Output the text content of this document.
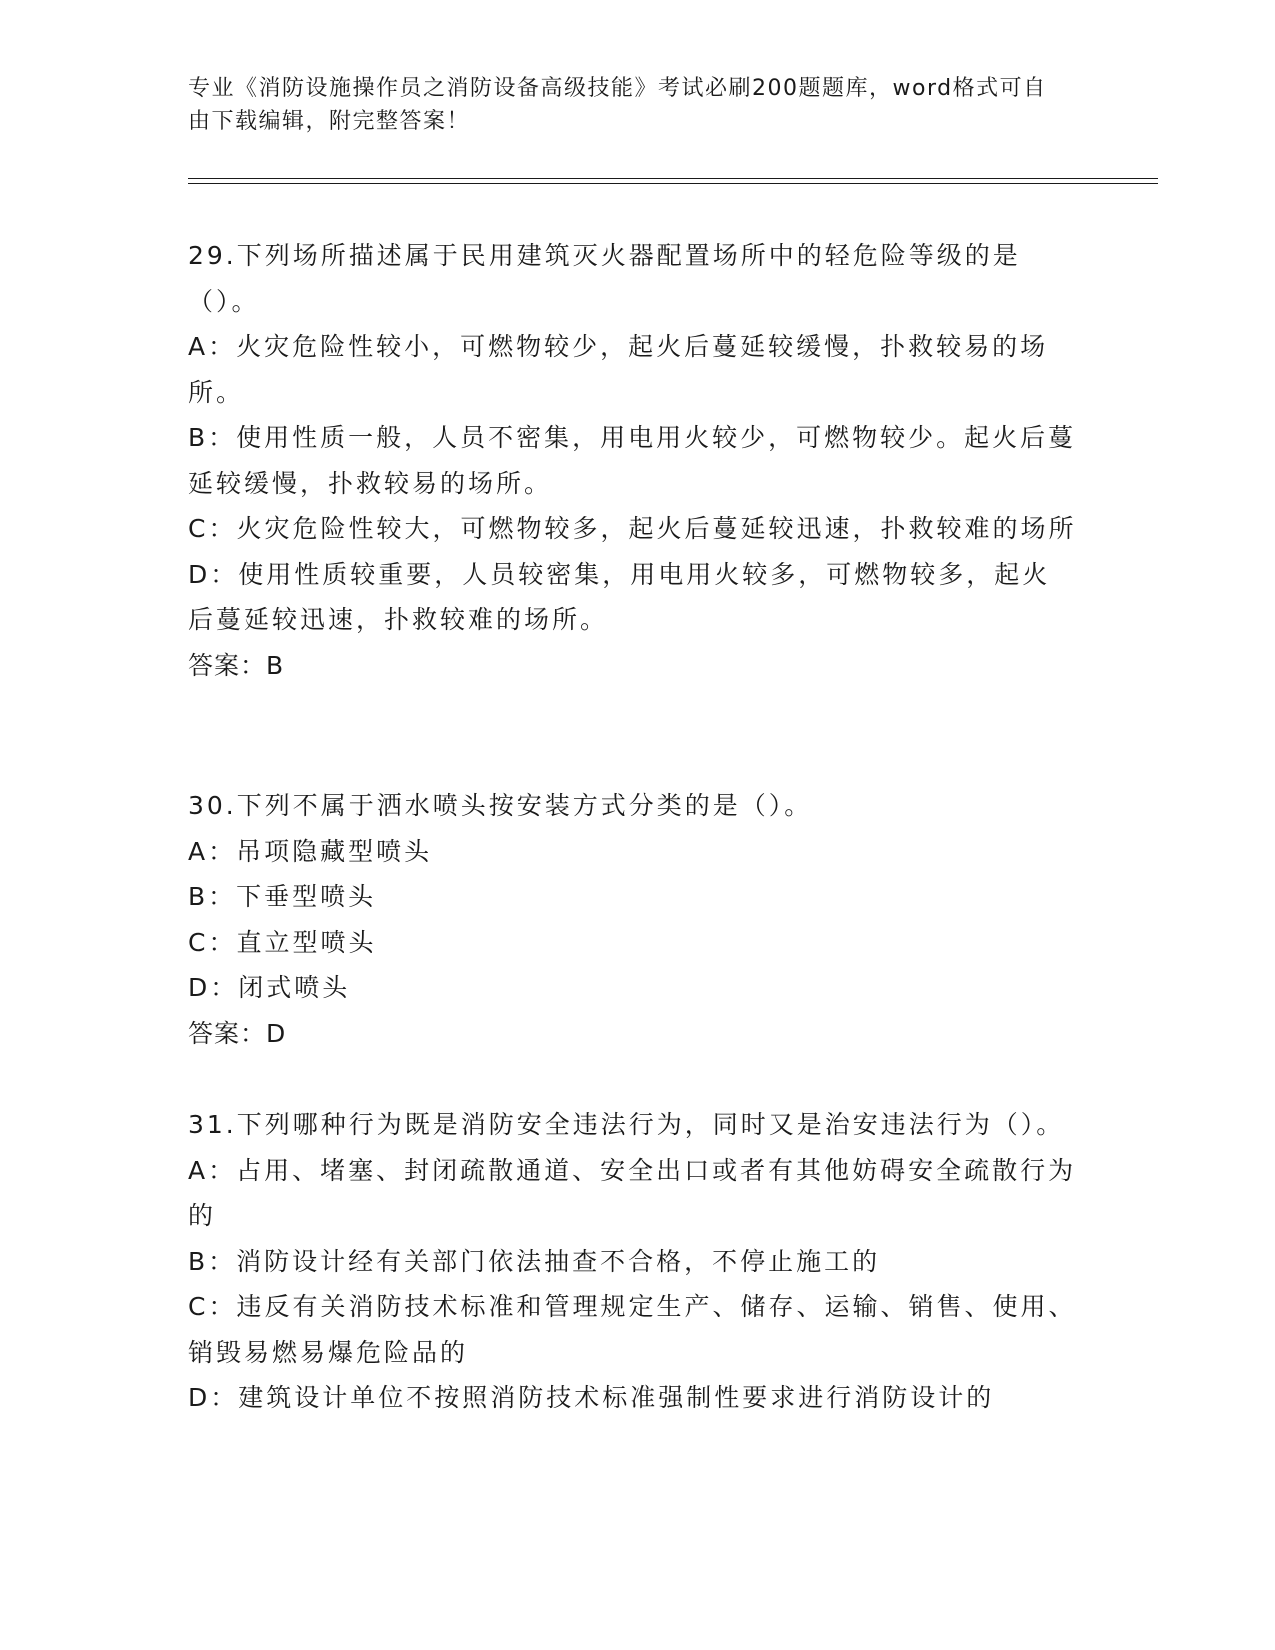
专业《消防设施操作员之消防设备高级技能》考试必刷200题题库，word格式可自由下载编辑，附完整答案！

29.下列场所描述属于民用建筑灭火器配置场所中的轻危险等级的是（）。

A：火灾危险性较小，可燃物较少，起火后蔓延较缓慢，扑救较易的场所。

B：使用性质一般，人员不密集，用电用火较少，可燃物较少。起火后蔓延较缓慢，扑救较易的场所。

C：火灾危险性较大，可燃物较多，起火后蔓延较迅速，扑救较难的场所

D：使用性质较重要，人员较密集，用电用火较多，可燃物较多，起火后蔓延较迅速，扑救较难的场所。

答案：B

30.下列不属于洒水喷头按安装方式分类的是（）。

A：吊项隐藏型喷头

B：下垂型喷头

C：直立型喷头

D：闭式喷头

答案：D

31.下列哪种行为既是消防安全违法行为，同时又是治安违法行为（）。

A：占用、堵塞、封闭疏散通道、安全出口或者有其他妨碍安全疏散行为的

B：消防设计经有关部门依法抽查不合格，不停止施工的

C：违反有关消防技术标准和管理规定生产、储存、运输、销售、使用、销毁易燃易爆危险品的

D：建筑设计单位不按照消防技术标准强制性要求进行消防设计的
